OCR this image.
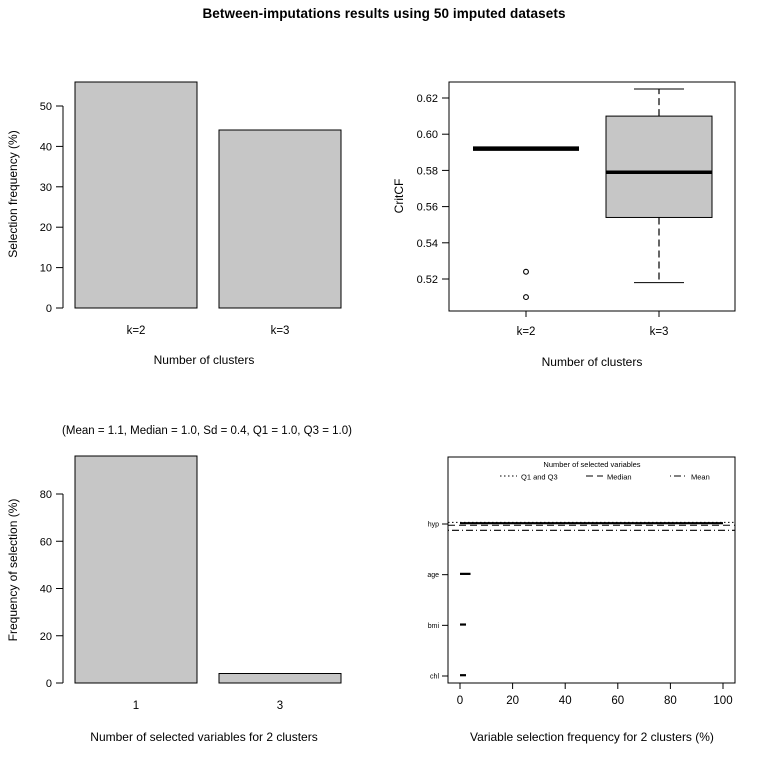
Between-imputations results using 50 imputed datasets
0
10
20
30
40
50
k=2	k=3
Number of clusters
Selection frequency (%)
(Mean = 1.1, Median = 1.0, Sd = 0.4, Q1 = 1.0, Q3 = 1.0)
0
20
40
60
80
1	3
Number of selected variables for 2 clusters
Frequency of selection (%)
0.52
0.54
0.56
0.58
0.60
0.62
k=2	k=3
Number of clusters
CritCF
Number of selected variables
Q1 and Q3	Median	Mean
hyp
age
bmi
chl
0	20	40	60	80	100
Variable selection frequency for 2 clusters (%)
